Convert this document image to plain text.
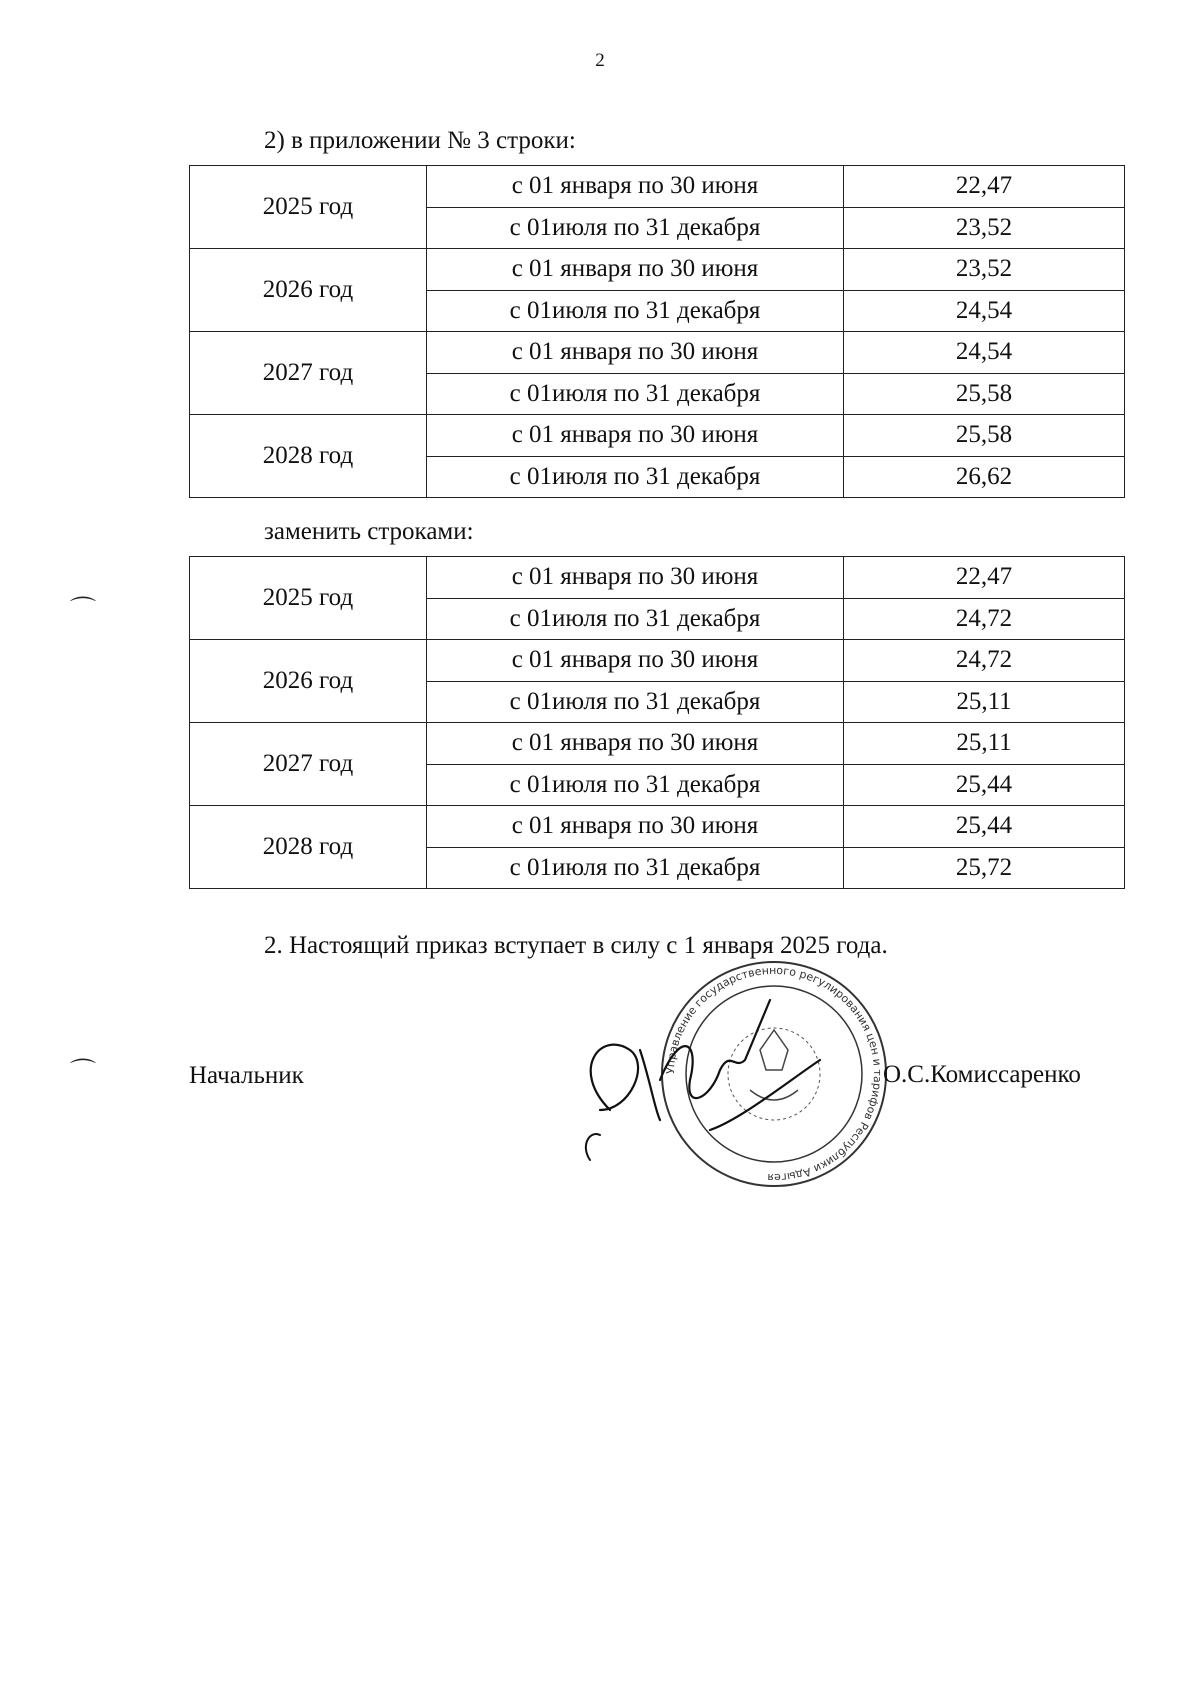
2
2) в приложении № 3 строки:
2025 год	с 01 января по 30 июня	22,47
	с 01июля по 31 декабря	23,52
2026 год	с 01 января по 30 июня	23,52
	с 01июля по 31 декабря	24,54
2027 год	с 01 января по 30 июня	24,54
	с 01июля по 31 декабря	25,58
2028 год	с 01 января по 30 июня	25,58
	с 01июля по 31 декабря	26,62
заменить строками:
2025 год	с 01 января по 30 июня	22,47
	с 01июля по 31 декабря	24,72
2026 год	с 01 января по 30 июня	24,72
	с 01июля по 31 декабря	25,11
2027 год	с 01 января по 30 июня	25,11
	с 01июля по 31 декабря	25,44
2028 год	с 01 января по 30 июня	25,44
	с 01июля по 31 декабря	25,72
2. Настоящий приказ вступает в силу с 1 января 2025 года.
⌒
⌒	Начальник	Управление государственного регулирования цен и тарифов Республики Адыгея
О.С.Комиссаренко
